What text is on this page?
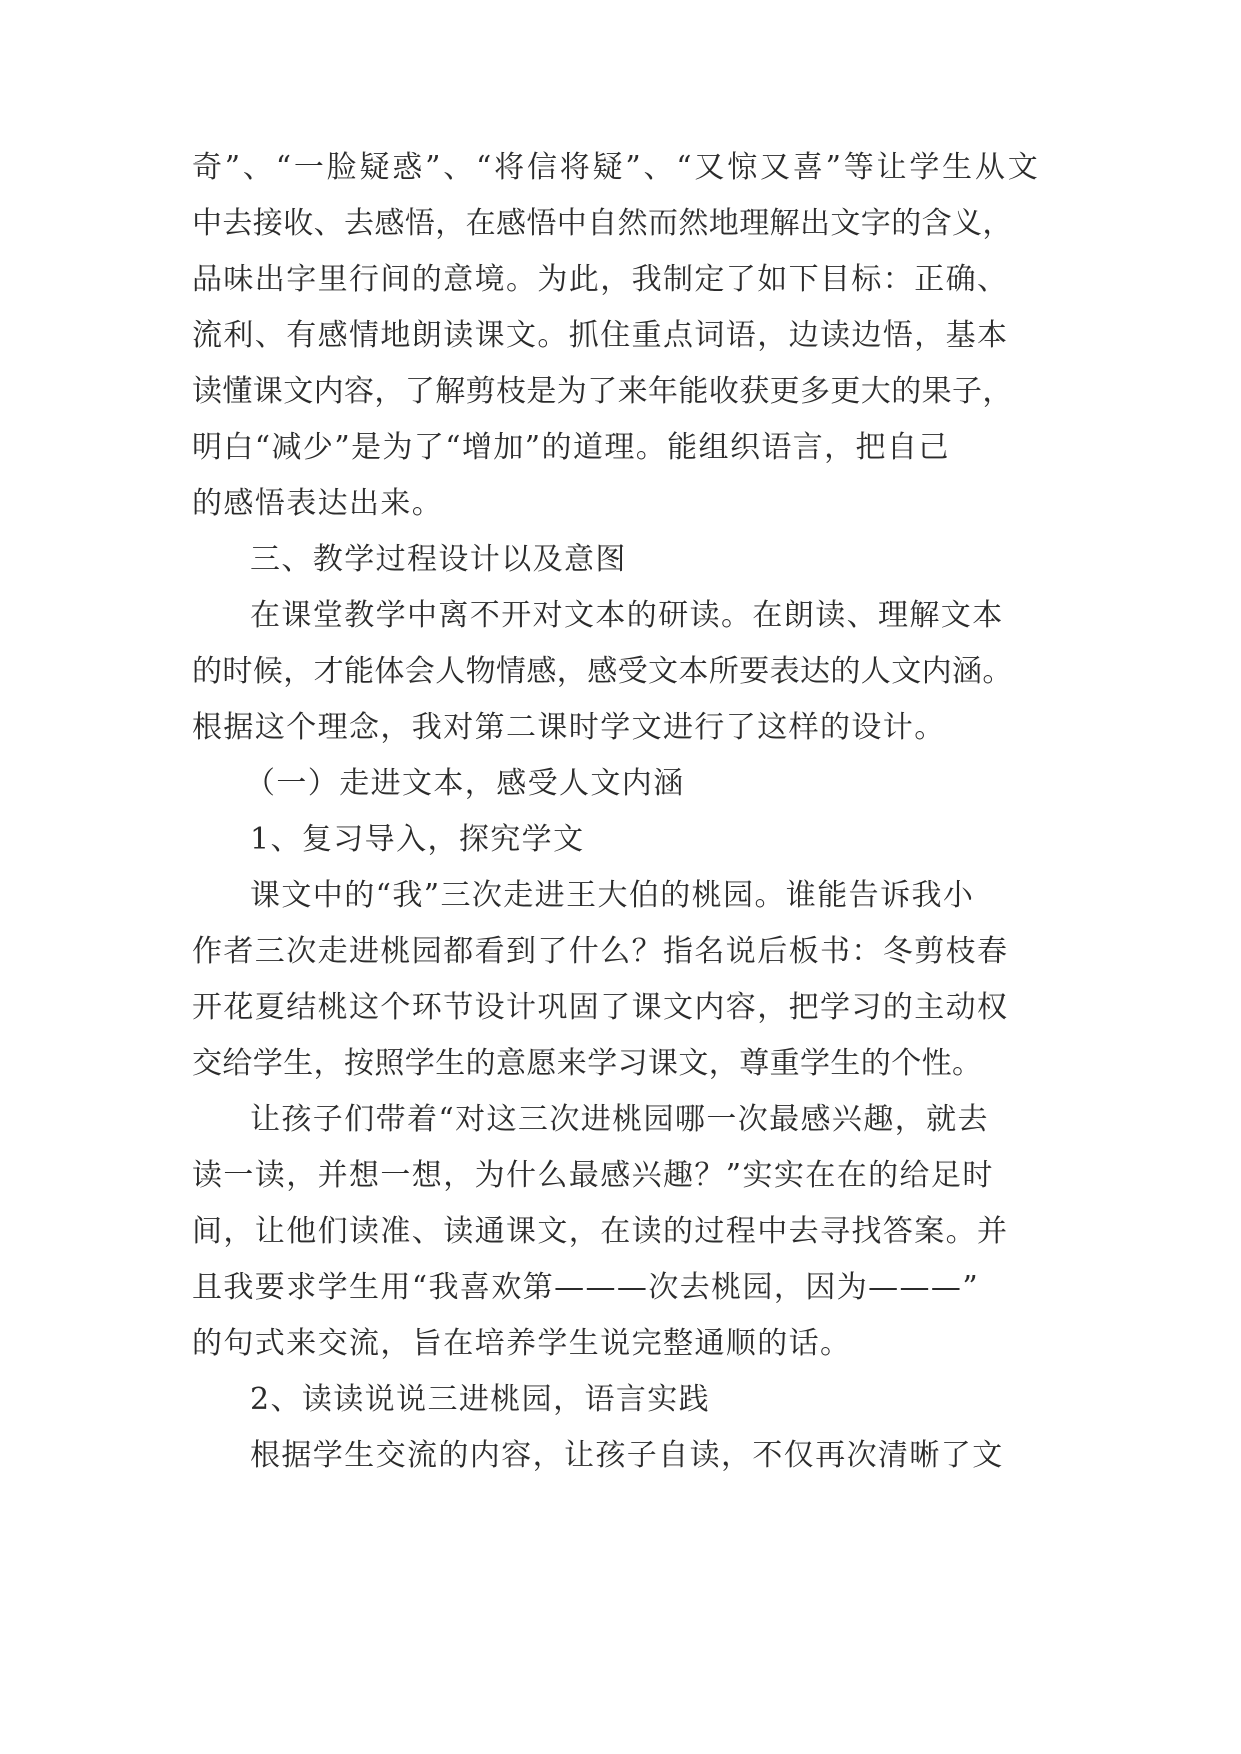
奇”、“一脸疑惑”、“将信将疑”、“又惊又喜”等让学生从文
中去接收、去感悟，在感悟中自然而然地理解出文字的含义，
品味出字里行间的意境。为此，我制定了如下目标：正确、
流利、有感情地朗读课文。抓住重点词语，边读边悟，基本
读懂课文内容，了解剪枝是为了来年能收获更多更大的果子，
明白“减少”是为了“增加”的道理。能组织语言，把自己
的感悟表达出来。
三、教学过程设计以及意图
在课堂教学中离不开对文本的研读。在朗读、理解文本
的时候，才能体会人物情感，感受文本所要表达的人文内涵。
根据这个理念，我对第二课时学文进行了这样的设计。
（一）走进文本，感受人文内涵
1、复习导入，探究学文
课文中的“我”三次走进王大伯的桃园。谁能告诉我小
作者三次走进桃园都看到了什么？指名说后板书：冬剪枝春
开花夏结桃这个环节设计巩固了课文内容，把学习的主动权
交给学生，按照学生的意愿来学习课文，尊重学生的个性。
让孩子们带着“对这三次进桃园哪一次最感兴趣，就去
读一读，并想一想，为什么最感兴趣？”实实在在的给足时
间，让他们读准、读通课文，在读的过程中去寻找答案。并
且我要求学生用“我喜欢第———次去桃园，因为———”
的句式来交流，旨在培养学生说完整通顺的话。
2、读读说说三进桃园，语言实践
根据学生交流的内容，让孩子自读，不仅再次清晰了文
